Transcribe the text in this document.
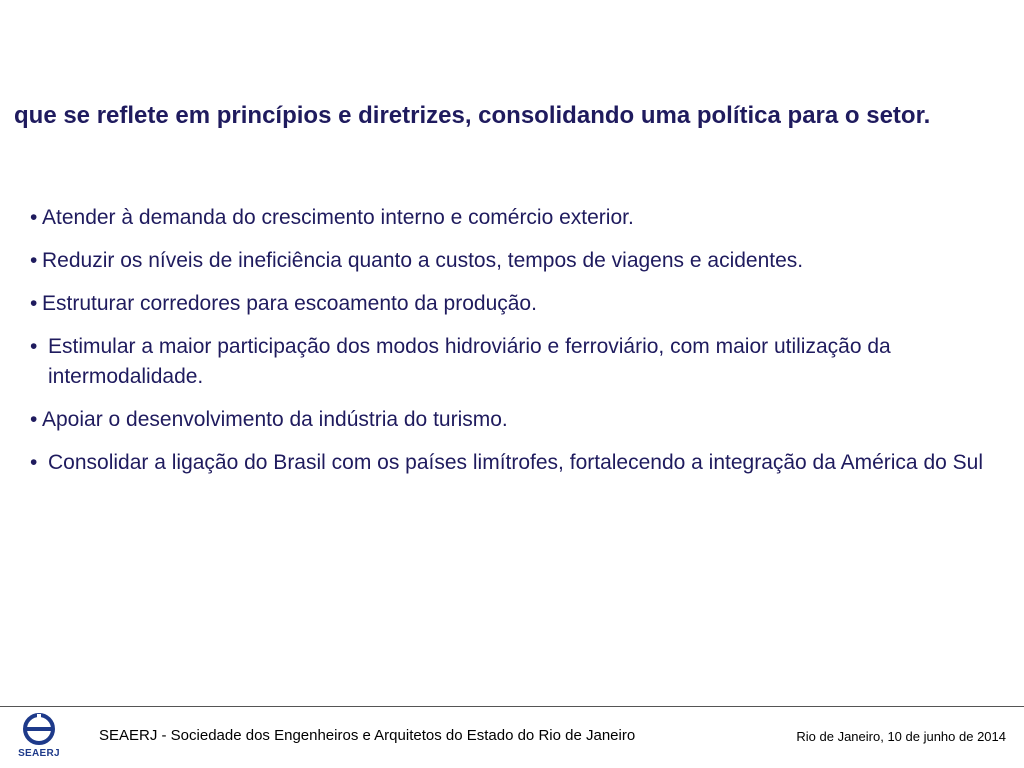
que se reflete em princípios e diretrizes, consolidando uma política para o setor.
• Atender à demanda do crescimento interno e comércio exterior.
• Reduzir os níveis de ineficiência quanto a custos, tempos de viagens e acidentes.
• Estruturar corredores para escoamento da produção.
• Estimular a maior participação dos modos hidroviário e ferroviário, com maior utilização da intermodalidade.
• Apoiar o desenvolvimento da indústria do turismo.
• Consolidar a ligação do Brasil com os países limítrofes, fortalecendo a integração da América do Sul
SEAERJ
SEAERJ - Sociedade dos Engenheiros e Arquitetos do Estado do Rio de Janeiro	Rio de Janeiro, 10 de junho de 2014
